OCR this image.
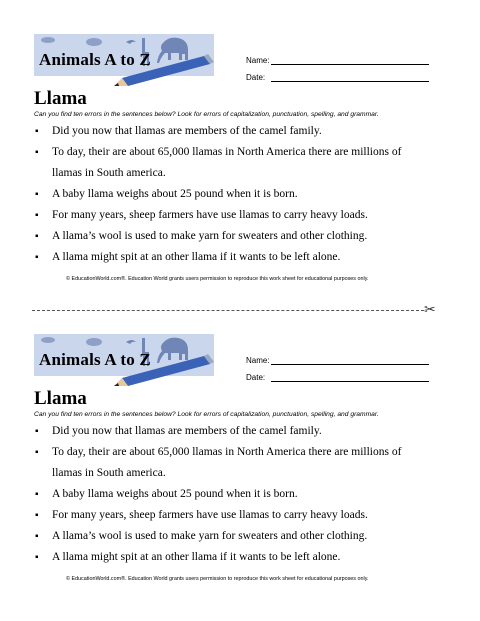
Animals A to Z	Name:
Date:
Llama
Can you find ten errors in the sentences below? Look for errors of capitalization, punctuation, spelling, and grammar.
▪ Did you now that llamas are members of the camel family.
▪ To day, their are about 65,000 llamas in North America there are millions of
llamas in South america.
▪ A baby llama weighs about 25 pound when it is born.
▪ For many years, sheep farmers have use llamas to carry heavy loads.
▪ A llama’s wool is used to make yarn for sweaters and other clothing.
▪ A llama might spit at an other llama if it wants to be left alone.
© EducationWorld.com®. Education World grants users permission to reproduce this work sheet for educational purposes only.
✂
Animals A to Z	Name:
Date:
Llama
Can you find ten errors in the sentences below? Look for errors of capitalization, punctuation, spelling, and grammar.
▪ Did you now that llamas are members of the camel family.
▪ To day, their are about 65,000 llamas in North America there are millions of
llamas in South america.
▪ A baby llama weighs about 25 pound when it is born.
▪ For many years, sheep farmers have use llamas to carry heavy loads.
▪ A llama’s wool is used to make yarn for sweaters and other clothing.
▪ A llama might spit at an other llama if it wants to be left alone.
© EducationWorld.com®. Education World grants users permission to reproduce this work sheet for educational purposes only.
